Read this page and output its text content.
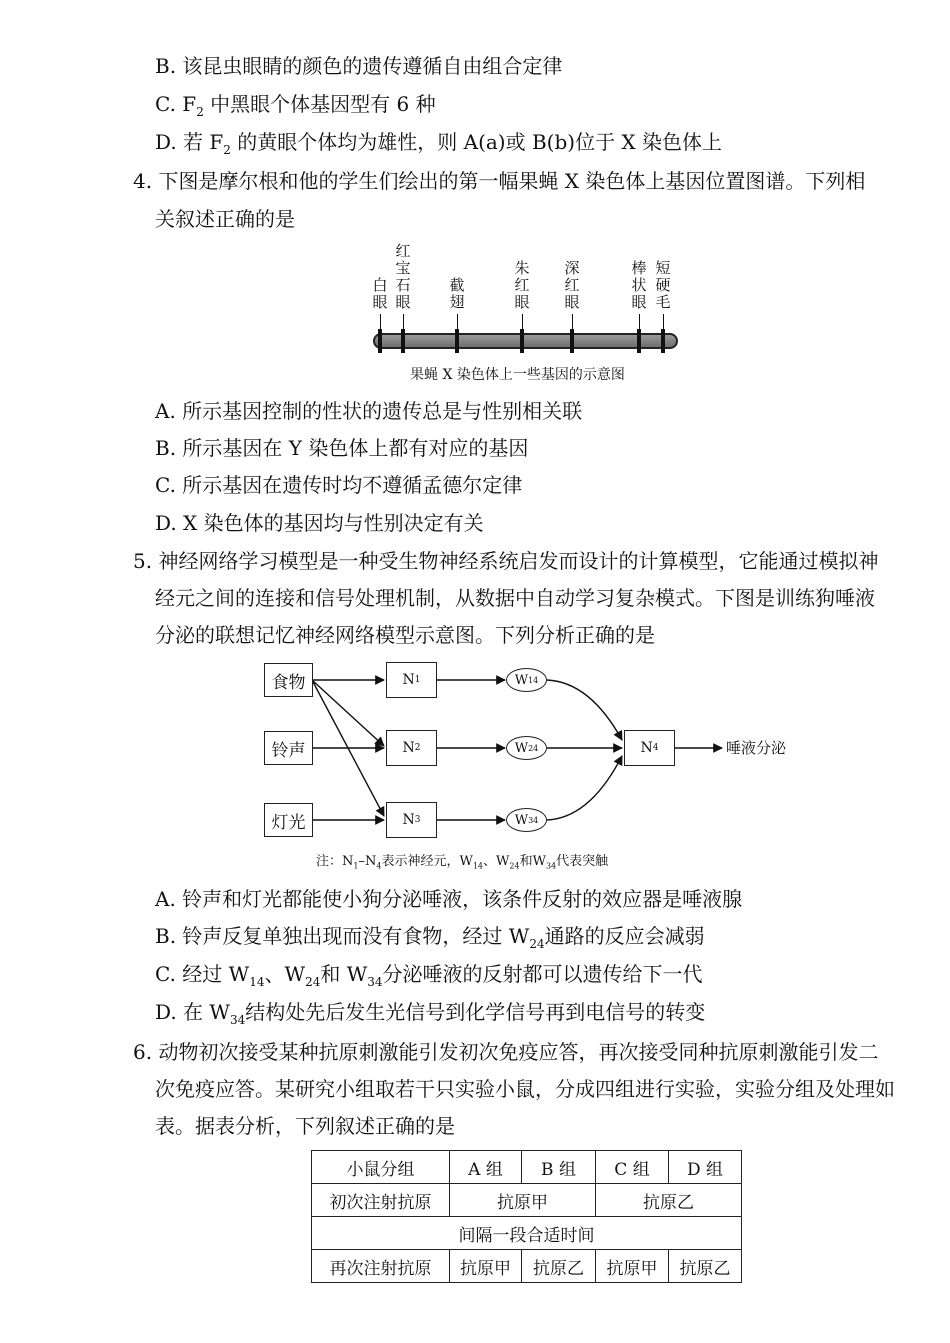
B. 该昆虫眼睛的颜色的遗传遵循自由组合定律
C. $F_2$ 中黑眼个体基因型有 6 种
D. 若 $F_2$ 的黄眼个体均为雄性，则 A(a)或 B(b)位于 X 染色体上
4. 下图是摩尔根和他的学生们绘出的第一幅果蝇 X 染色体上基因位置图谱。下列相
关叙述正确的是
白眼
红宝石眼
截翅
朱红眼
深红眼
棒状眼
短硬毛
果蝇 X 染色体上一些基因的示意图
A. 所示基因控制的性状的遗传总是与性别相关联
B. 所示基因在 Y 染色体上都有对应的基因
C. 所示基因在遗传时均不遵循孟德尔定律
D. X 染色体的基因均与性别决定有关
5. 神经网络学习模型是一种受生物神经系统启发而设计的计算模型，它能通过模拟神
经元之间的连接和信号处理机制，从数据中自动学习复杂模式。下图是训练狗唾液
分泌的联想记忆神经网络模型示意图。下列分析正确的是
食物
铃声
灯光
N 1
N 2
N 3
W 14
W 24
W 34
N 4	唾液分泌
注：$N_1-N_4$表示神经元，$W_{14}$、$W_{24}$和$W_{34}$代表突触
A. 铃声和灯光都能使小狗分泌唾液，该条件反射的效应器是唾液腺
B. 铃声反复单独出现而没有食物，经过 $W_{24}$通路的反应会减弱
C. 经过 $W_{14}$、$W_{24}$和 $W_{34}$分泌唾液的反射都可以遗传给下一代
D. 在 $W_{34}$结构处先后发生光信号到化学信号再到电信号的转变
6. 动物初次接受某种抗原刺激能引发初次免疫应答，再次接受同种抗原刺激能引发二
次免疫应答。某研究小组取若干只实验小鼠，分成四组进行实验，实验分组及处理如
表。据表分析，下列叙述正确的是
小鼠分组	A 组	B 组	C 组	D 组
初次注射抗原	抗原甲		抗原乙	
间隔一段合适时间				
再次注射抗原	抗原甲	抗原乙	抗原甲	抗原乙
